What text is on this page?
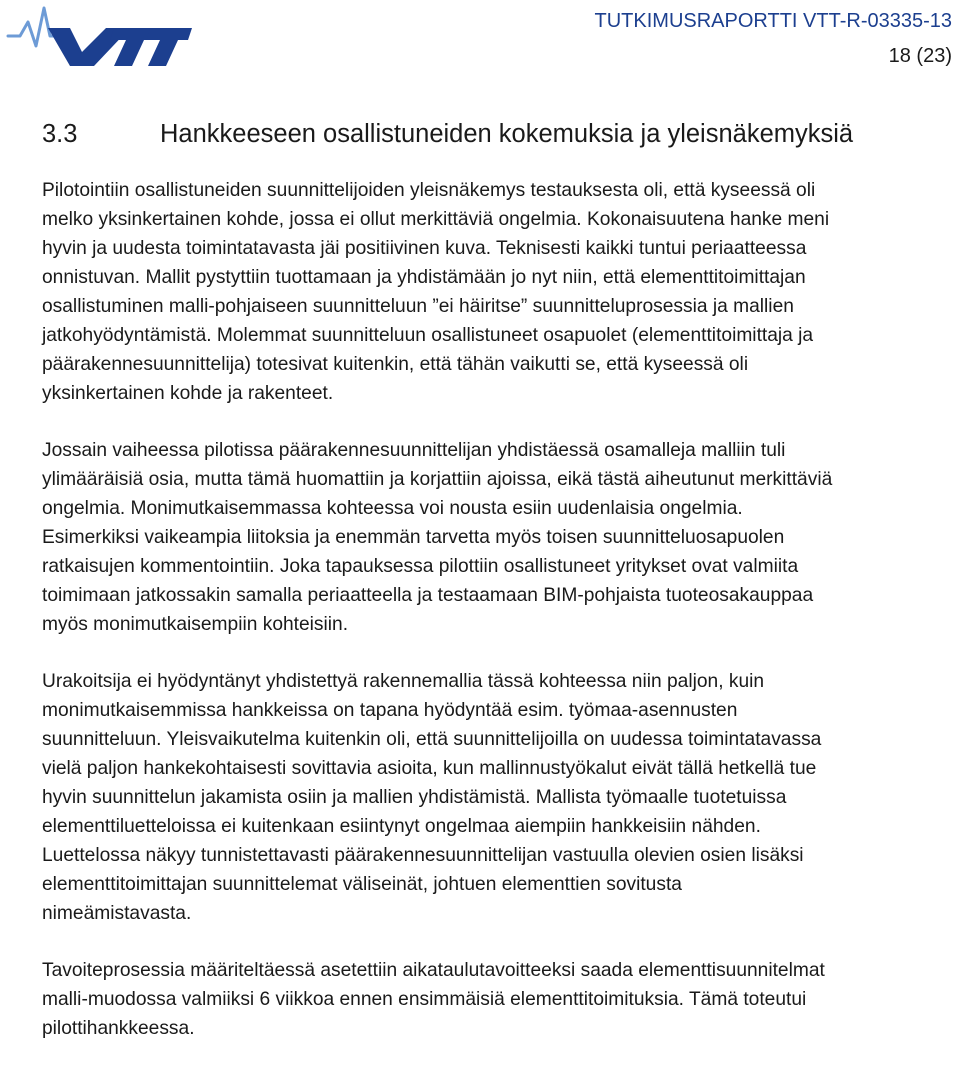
TUTKIMUSRAPORTTI VTT-R-03335-13
18 (23)
3.3	Hankkeeseen osallistuneiden kokemuksia ja yleisnäkemyksiä

Pilotointiin osallistuneiden suunnittelijoiden yleisnäkemys testauksesta oli, että kyseessä oli
melko yksinkertainen kohde, jossa ei ollut merkittäviä ongelmia. Kokonaisuutena hanke meni
hyvin ja uudesta toimintatavasta jäi positiivinen kuva. Teknisesti kaikki tuntui periaatteessa
onnistuvan. Mallit pystyttiin tuottamaan ja yhdistämään jo nyt niin, että elementtitoimittajan
osallistuminen malli-pohjaiseen suunnitteluun ”ei häiritse” suunnitteluprosessia ja mallien
jatkohyödyntämistä. Molemmat suunnitteluun osallistuneet osapuolet (elementtitoimittaja ja
päärakennesuunnittelija) totesivat kuitenkin, että tähän vaikutti se, että kyseessä oli
yksinkertainen kohde ja rakenteet.

Jossain vaiheessa pilotissa päärakennesuunnittelijan yhdistäessä osamalleja malliin tuli
ylimääräisiä osia, mutta tämä huomattiin ja korjattiin ajoissa, eikä tästä aiheutunut merkittäviä
ongelmia. Monimutkaisemmassa kohteessa voi nousta esiin uudenlaisia ongelmia.
Esimerkiksi vaikeampia liitoksia ja enemmän tarvetta myös toisen suunnitteluosapuolen
ratkaisujen kommentointiin. Joka tapauksessa pilottiin osallistuneet yritykset ovat valmiita
toimimaan jatkossakin samalla periaatteella ja testaamaan BIM-pohjaista tuoteosakauppaa
myös monimutkaisempiin kohteisiin.

Urakoitsija ei hyödyntänyt yhdistettyä rakennemallia tässä kohteessa niin paljon, kuin
monimutkaisemmissa hankkeissa on tapana hyödyntää esim. työmaa-asennusten
suunnitteluun. Yleisvaikutelma kuitenkin oli, että suunnittelijoilla on uudessa toimintatavassa
vielä paljon hankekohtaisesti sovittavia asioita, kun mallinnustyökalut eivät tällä hetkellä tue
hyvin suunnittelun jakamista osiin ja mallien yhdistämistä. Mallista työmaalle tuotetuissa
elementtiluetteloissa ei kuitenkaan esiintynyt ongelmaa aiempiin hankkeisiin nähden.
Luettelossa näkyy tunnistettavasti päärakennesuunnittelijan vastuulla olevien osien lisäksi
elementtitoimittajan suunnittelemat väliseinät, johtuen elementtien sovitusta
nimeämistavasta.

Tavoiteprosessia määriteltäessä asetettiin aikataulutavoitteeksi saada elementtisuunnitelmat
malli-muodossa valmiiksi 6 viikkoa ennen ensimmäisiä elementtitoimituksia. Tämä toteutui
pilottihankkeessa.
